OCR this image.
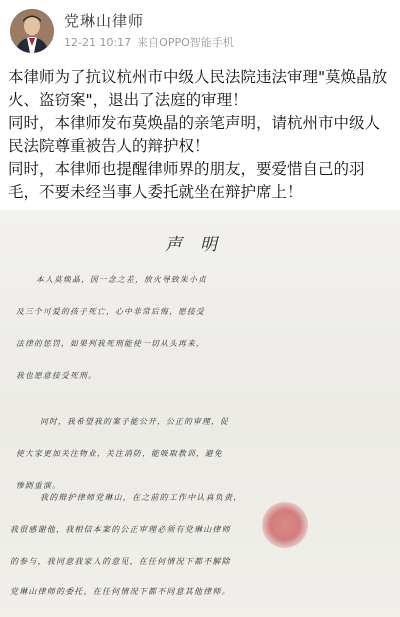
党琳山律师
12-21 10:17 来自OPPO智能手机

本律师为了抗议杭州市中级人民法院违法审理"莫焕晶放火、盗窃案"，退出了法庭的审理！

同时，本律师发布莫焕晶的亲笔声明，请杭州市中级人民法院尊重被告人的辩护权！

同时，本律师也提醒律师界的朋友，要爱惜自己的羽毛，不要未经当事人委托就坐在辩护席上！

声明
本人莫焕晶，因一念之差，放火导致朱小贞
及三个可爱的孩子死亡，心中非常后悔，愿接受
法律的惩罚，如果判我死刑能使一切从头再来，
我也愿意接受死刑。
同时，我希望我的案子能公开，公正的审理，促
使大家更加关注物业，关注消防，能吸取教训，避免
惨剧重演。
我的辩护律师党琳山，在之前的工作中认真负责，
我很感谢他，我相信本案的公正审理必须有党琳山律师
的参与，我同意我家人的意见，在任何情况下都不解除
党琳山律师的委托，在任何情况下都不同意其他律师。
